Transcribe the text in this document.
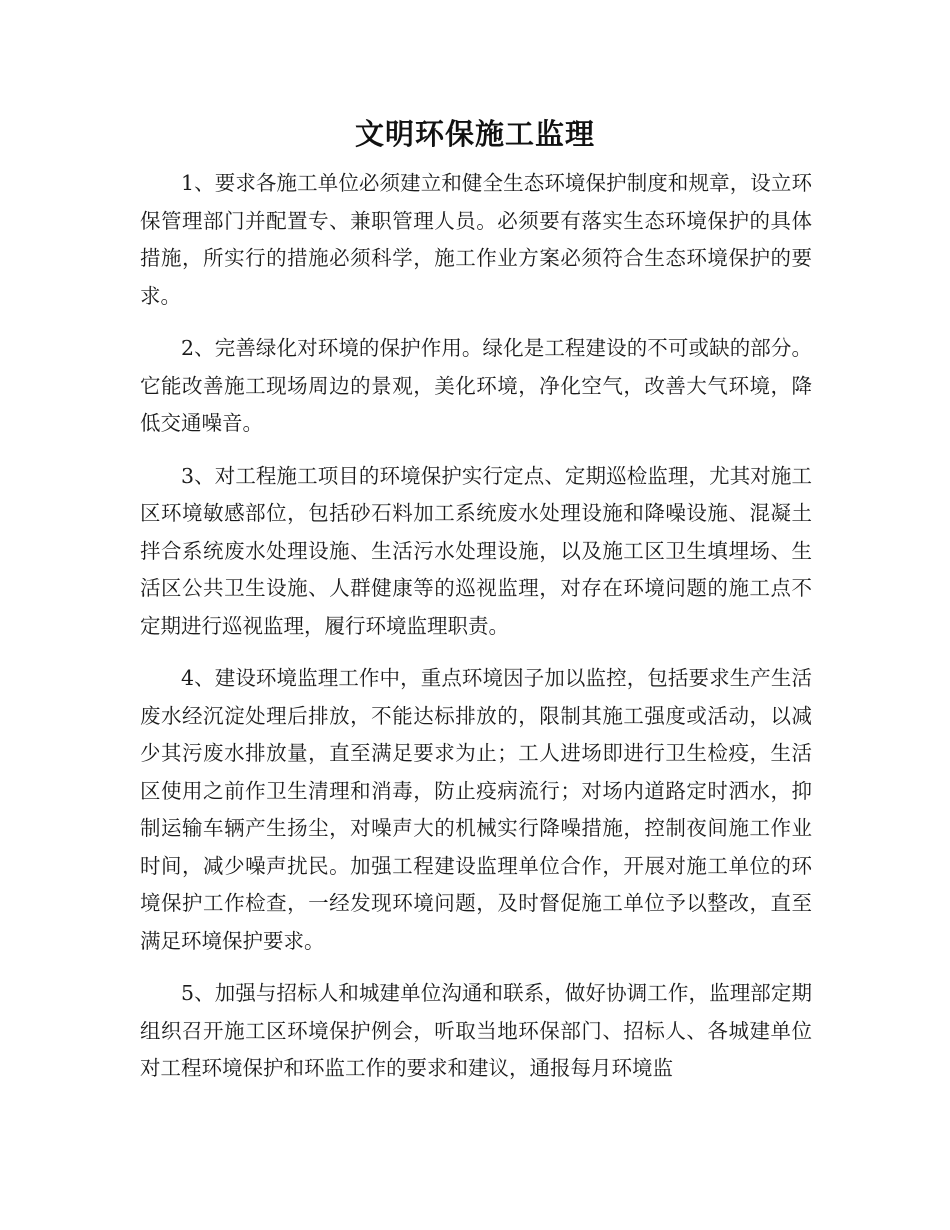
文明环保施工监理

1、要求各施工单位必须建立和健全生态环境保护制度和规章，设立环保管理部门并配置专、兼职管理人员。必须要有落实生态环境保护的具体措施，所实行的措施必须科学，施工作业方案必须符合生态环境保护的要求。

2、完善绿化对环境的保护作用。绿化是工程建设的不可或缺的部分。它能改善施工现场周边的景观，美化环境，净化空气，改善大气环境，降低交通噪音。

3、对工程施工项目的环境保护实行定点、定期巡检监理，尤其对施工区环境敏感部位，包括砂石料加工系统废水处理设施和降噪设施、混凝土拌合系统废水处理设施、生活污水处理设施，以及施工区卫生填埋场、生活区公共卫生设施、人群健康等的巡视监理，对存在环境问题的施工点不定期进行巡视监理，履行环境监理职责。

4、建设环境监理工作中，重点环境因子加以监控，包括要求生产生活废水经沉淀处理后排放，不能达标排放的，限制其施工强度或活动，以减少其污废水排放量，直至满足要求为止；工人进场即进行卫生检疫，生活区使用之前作卫生清理和消毒，防止疫病流行；对场内道路定时洒水，抑制运输车辆产生扬尘，对噪声大的机械实行降噪措施，控制夜间施工作业时间，减少噪声扰民。加强工程建设监理单位合作，开展对施工单位的环境保护工作检查，一经发现环境问题，及时督促施工单位予以整改，直至满足环境保护要求。

5、加强与招标人和城建单位沟通和联系，做好协调工作，监理部定期组织召开施工区环境保护例会，听取当地环保部门、招标人、各城建单位对工程环境保护和环监工作的要求和建议，通报每月环境监
